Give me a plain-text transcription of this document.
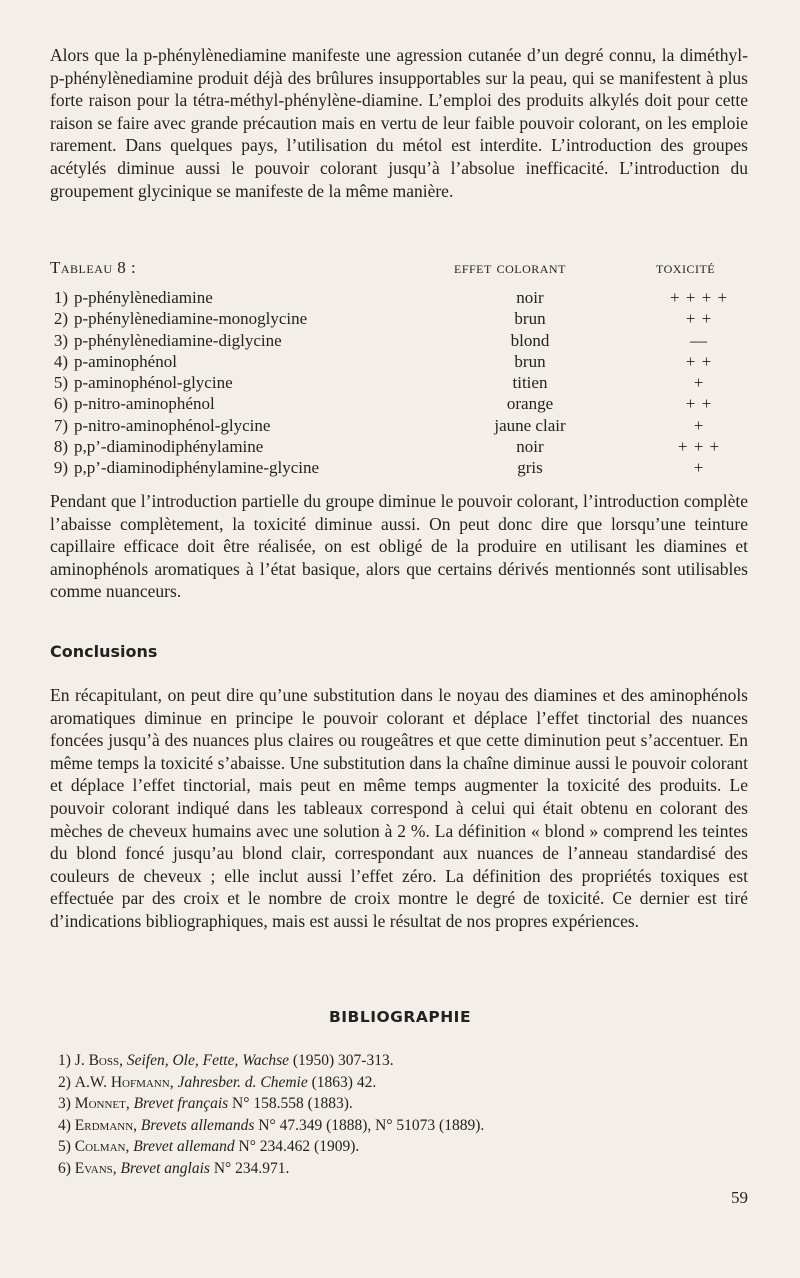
Alors que la p-phénylènediamine manifeste une agression cutanée d’un degré connu, la diméthyl-p-phénylènediamine produit déjà des brûlures insupportables sur la peau, qui se manifestent à plus forte raison pour la tétra-méthyl-phénylène-diamine. L’emploi des produits alkylés doit pour cette raison se faire avec grande précaution mais en vertu de leur faible pouvoir colorant, on les emploie rarement. Dans quelques pays, l’utilisation du métol est interdite. L’introduction des groupes acétylés diminue aussi le pouvoir colorant jusqu’à l’absolue inefficacité. L’introduction du groupement glycinique se manifeste de la même manière.

Tableau 8 :	effet colorant	toxicité
1) p-phénylènediamine	noir	+ + + +
2) p-phénylènediamine-monoglycine	brun	+ +
3) p-phénylènediamine-diglycine	blond	—
4) p-aminophénol	brun	+ +
5) p-aminophénol-glycine	titien	+
6) p-nitro-aminophénol	orange	+ +
7) p-nitro-aminophénol-glycine	jaune clair	+
8) p,p’-diaminodiphénylamine	noir	+ + +
9) p,p’-diaminodiphénylamine-glycine	gris	+

Pendant que l’introduction partielle du groupe diminue le pouvoir colorant, l’introduction complète l’abaisse complètement, la toxicité diminue aussi. On peut donc dire que lorsqu’une teinture capillaire efficace doit être réalisée, on est obligé de la produire en utilisant les diamines et aminophénols aromatiques à l’état basique, alors que certains dérivés mentionnés sont utilisables comme nuanceurs.

Conclusions

En récapitulant, on peut dire qu’une substitution dans le noyau des diamines et des aminophénols aromatiques diminue en principe le pouvoir colorant et déplace l’effet tinctorial des nuances foncées jusqu’à des nuances plus claires ou rougeâtres et que cette diminution peut s’accentuer. En même temps la toxicité s’abaisse. Une substitution dans la chaîne diminue aussi le pouvoir colorant et déplace l’effet tinctorial, mais peut en même temps augmenter la toxicité des produits. Le pouvoir colorant indiqué dans les tableaux correspond à celui qui était obtenu en colorant des mèches de cheveux humains avec une solution à 2 %. La définition « blond » comprend les teintes du blond foncé jusqu’au blond clair, correspondant aux nuances de l’anneau standardisé des couleurs de cheveux ; elle inclut aussi l’effet zéro. La définition des propriétés toxiques est effectuée par des croix et le nombre de croix montre le degré de toxicité. Ce dernier est tiré d’indications bibliographiques, mais est aussi le résultat de nos propres expériences.

BIBLIOGRAPHIE
1) J. Boss, Seifen, Ole, Fette, Wachse (1950) 307-313.
2) A.W. Hofmann, Jahresber. d. Chemie (1863) 42.
3) Monnet, Brevet français N° 158.558 (1883).
4) Erdmann, Brevets allemands N° 47.349 (1888), N° 51073 (1889).
5) Colman, Brevet allemand N° 234.462 (1909).
6) Evans, Brevet anglais N° 234.971.
59
